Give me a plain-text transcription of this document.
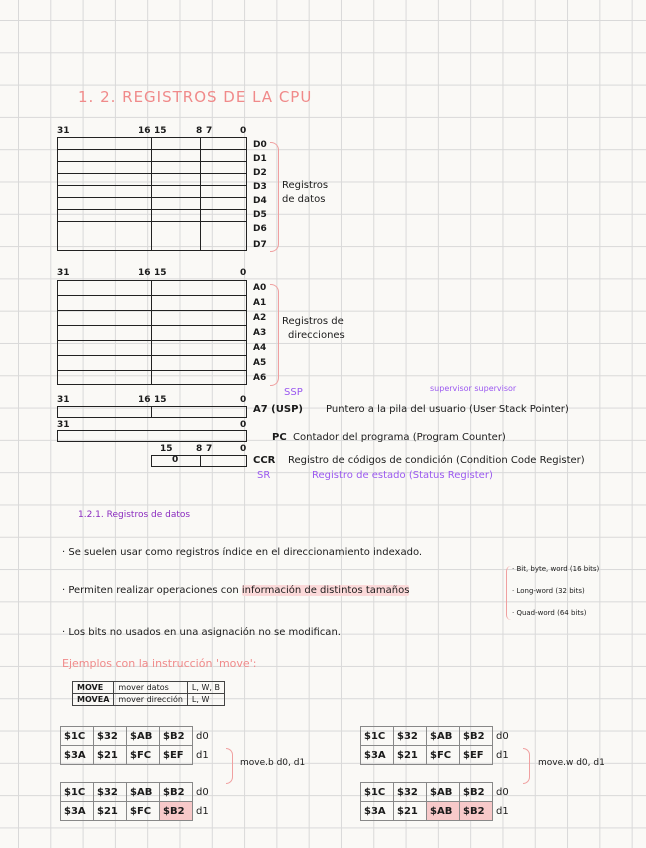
1. 2. REGISTROS DE LA CPU
31	16 15	8 7	0
D0
D1
D2
D3
D4
D5
D6
D7
Registros
de datos
31	16 15	0
A0
A1
A2
A3
A4
A5
A6
Registros de
direcciones
SSP	supervisor supervisor
31	16 15	0
A7 (USP) Puntero a la pila del usuario (User Stack Pointer)
31	0
PC Contador del programa (Program Counter)
15	8 7	0
0	CCR Registro de códigos de condición (Condition Code Register)
SR	Registro de estado (Status Register)
1.2.1. Registros de datos
· Se suelen usar como registros índice en el direccionamiento indexado.
· Permiten realizar operaciones con información de distintos tamaños
· Bit, byte, word (16 bits)
· Long-word (32 bits)
· Quad-word (64 bits)
· Los bits no usados en una asignación no se modifican.
Ejemplos con la instrucción 'move':
MOVE	mover datos	L, W, B
MOVEA	mover dirección	L, W
$1C	$32	$AB	$B2	d0
$3A	$21	$FC	$EF	d1
move.b d0, d1
$1C	$32	$AB	$B2	d0
$3A	$21	$FC	$B2	d1
$1C	$32	$AB	$B2	d0
$3A	$21	$FC	$EF	d1
move.w d0, d1
$1C	$32	$AB	$B2	d0
$3A	$21	$AB	$B2	d1
